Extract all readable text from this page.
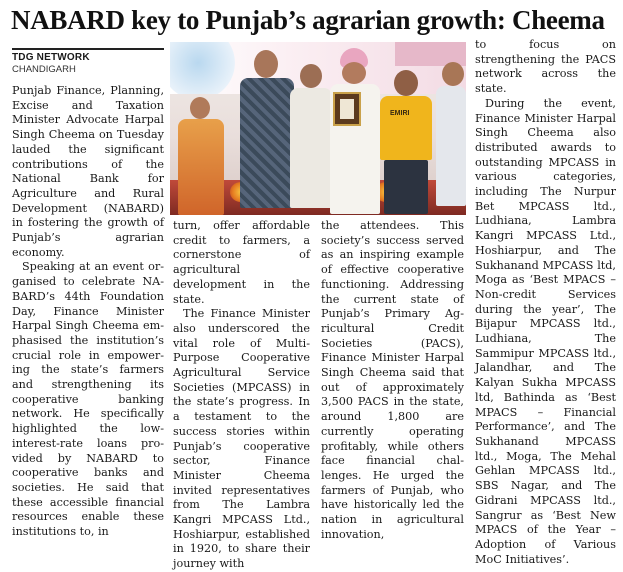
NABARD key to Punjab’s agrarian growth: Cheema
TDG NETWORK
CHANDIGARH

Punjab Finance, Planning, Excise and Taxation Minister Advocate Harpal Singh Cheema on Tuesday lauded the significant contributions of the National Bank for Agriculture and Rural Development (NABARD) in fostering the growth of Punjab’s agrarian economy.

Speaking at an event organised to celebrate NABARD’s 44th Foundation Day, Finance Minister Harpal Singh Cheema emphasised the institution’s crucial role in empowering the state’s farmers and strengthening its cooperative banking network. He specifically highlighted the low-interest-rate loans provided by NABARD to cooperative banks and societies. He said that these accessible financial resources enable these institutions to, in

EMIRI

turn, offer affordable credit to farmers, a cornerstone of agricultural development in the state.

The Finance Minister also underscored the vital role of Multi-Purpose Cooperative Agricultural Service Societies (MPCASS) in the state’s progress. In a testament to the success stories within Punjab’s cooperative sector, Finance Minister Cheema invited representatives from The Lambra Kangri MPCASS Ltd., Hoshiarpur, established in 1920, to share their journey with

the attendees. This society’s success served as an inspiring example of effective cooperative functioning. Addressing the current state of Punjab’s Primary Agricultural Credit Societies (PACS), Finance Minister Harpal Singh Cheema said that out of approximately 3,500 PACS in the state, around 1,800 are currently operating profitably, while others face financial challenges. He urged the farmers of Punjab, who have historically led the nation in agricultural innovation,

to focus on strengthening the PACS network across the state.

During the event, Finance Minister Harpal Singh Cheema also distributed awards to outstanding MPCASS in various categories, including The Nurpur Bet MPCASS ltd., Ludhiana, Lambra Kangri MPCASS Ltd., Hoshiarpur, and The Sukhanand MPCASS ltd, Moga as ‘Best MPACS – Non-credit Services during the year’, The Bijapur MPCASS ltd., Ludhiana, The Sammipur MPCASS ltd., Jalandhar, and The Kalyan Sukha MPCASS ltd, Bathinda as ‘Best MPACS – Financial Performance’, and The Sukhanand MPCASS ltd., Moga, The Mehal Gehlan MPCASS ltd., SBS Nagar, and The Gidrani MPCASS ltd., Sangrur as ‘Best New MPACS of the Year – Adoption of Various MoC Initiatives’.
